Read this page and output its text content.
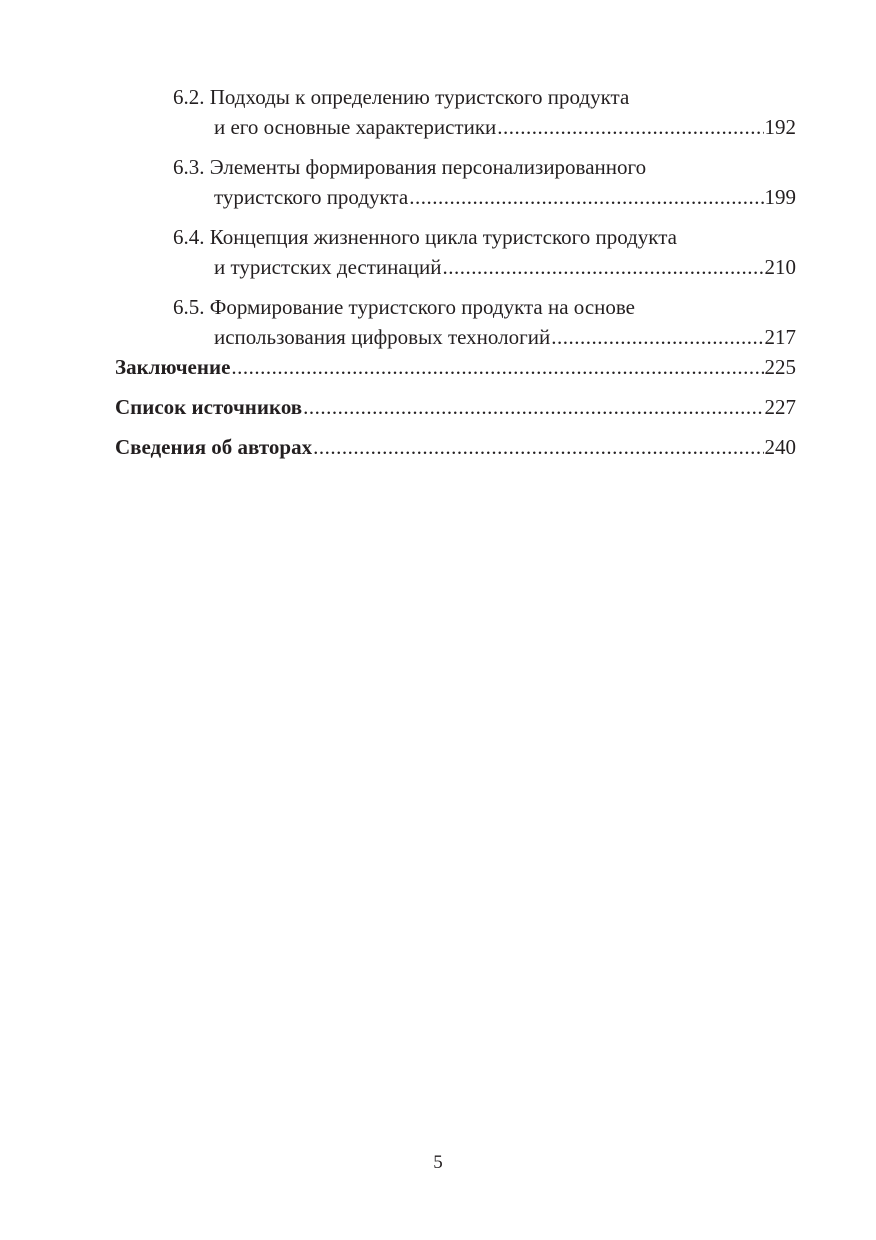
6.2. Подходы к определению туристского продукта
и его основные характеристики .....	192
6.3. Элементы формирования персонализированного
туристского продукта .....	199
6.4. Концепция жизненного цикла туристского продукта
и туристских дестинаций .....	210
6.5. Формирование туристского продукта на основе
использования цифровых технологий .....	217
Заключение .....	225
Список источников .....	227
Сведения об авторах .....	240
5
